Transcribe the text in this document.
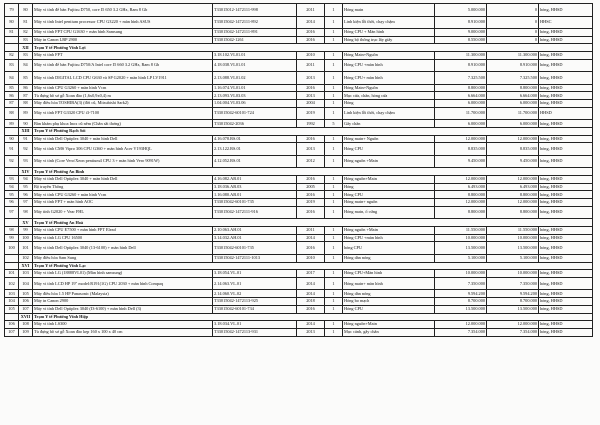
79	80	Máy vi tính để bàn Fujitsu D750, core I5 650 3.2 GHz, Ram 8 Gb	T33015012-1472111-998	2011	1	Hỏng main	5.000.000	0	hỏng, HHSD
80	81	Máy vi tính Intel pentium processor CPU G3220 + màn hình ASUS	T33015042-1472111-892	2014	1	Linh kiện lỗi thời, chạy chậm	8.910.000	0	HHSC
81	82	Máy vi tính FPT CPU G1630 + màn hình Samsung	T33015042-1472111-891	2016	1	Hỏng CPU + Màn hình	9.000.000	0	hỏng, HHSD
	83	Máy in Canon LBP 2900	T33015042-1261	2016	1	Hỏng bộ thống trục lấy giấy	8.550.000	0	hỏng, HHSD
	XII	Trạm Y tế Phường Vĩnh Lợi							
82	83	Máy vi tính FPT	3.18.102.VL01.01	2010	1	Hỏng Main+Nguồn	11.300.000	11.300.000	hỏng, HHSD
83	84	Máy vi tính để bàn Fujitsu D750/A Intel core I5 660 3.2 GHz, Ram 8 Gb	4.18.038.VL01.01	2011	1	Hỏng CPU +màn hình	8.910.000	8.910.000	hỏng, HHSD
84	85	Máy vi tính DIGITAL LCD CPU G630 và SP G2020 + màn hình LP LV1911	2.13.088.VL01.02	2013	1	Hỏng CPU+ màn hình	7.325.500	7.325.500	hỏng, HHSD
85	86	Máy vi tính CPU G3260 + màn hình Vcm	1.16.074.VL01.01	2016	1	Hỏng Main+Nguồn	8.800.000	8.800.000	hỏng, HHSD
86	87	Tủ đựng hồ sơ gỗ Xoan đào (1,6x0,9x0,4) m	2.13.093.VL03.03	2013	1	Mục cửa, chân, hỏng cửa	6.664.000	6.664.000	hỏng, HHSD
87	88	Máy điều hòa TOSHIBA(3) (đời cũ, Mitsubishi Sark2)	1.04.004.VL03.06	2004	1	Hỏng	6.000.000	6.000.000	hỏng, HHSD
88	89	Máy vi tính FPT G3320 CPU i3-7100	T33015042-60101-724	2019	1	Linh kiện lỗi thời, chạy chậm	11.700.000	11.700.000	HHSD
89	90	Bàn khám phụ khoa Inox cũ nêm (Chân sắt thơng)	T33015042-2036	1992	5	Gãy chân	6.000.000	6.000.000	hỏng, HHSD
	XIII	Trạm Y tế Phường Rạch Sỏi							
90	91	Máy vi tính Dell Optiplex 3040 + màn hình Dell	4.16.078.RS.01	2016	1	Hỏng main+ Nguồn	12.000.000	12.000.000	hỏng, HHSD
91	92	Máy vi tính CMS Vipro 306 CPU G360 + màn hình Acer V193HQL	2.13.122.RS.01	2013	1	Hỏng CPU	8.835.000	8.835.000	hỏng, HHSD
92	93	Máy vi tính (Core Vero/Xeon pentium4 CPU 3 + màn hình Vero 9091W)	4.12.052.RS.01	2012	1	Hỏng nguồn +Main	9.450.000	9.450.000	hỏng, HHSD
	XIV	Trạm Y tế Phường An Bình							
93	94	Máy vi tính Dell Optiplex 3040 + màn hình Dell	4.16.082.AB.01	2016	1	Hỏng nguồn+Main	12.000.000	12.000.000	hỏng, HHSD
94	95	Bộ truyền Thông	3.18.036.AB.03	2005	1	Hỏng	6.493.000	6.493.000	hỏng, HHSD
95	96	Máy vi tính CPU G3260 + màn hình Vcm	1.16.080.AB.01	2016	1	Hỏng CPU	8.800.000	8.800.000	hỏng, HHSD
96	97	Máy vi tính FPT + màn hình AOC	T33015042-60101-735	2019	1	Hỏng main+ nguồn	12.000.000	12.000.000	hỏng, HHSD
97	98	Máy tính G2020 + Vear FHL	T33015042-1472111-916	2016	1	Hỏng main, ổ cứng	8.800.000	8.800.000	hỏng, HHSD
	XV	Trạm Y tế Phường An Hoà							
98	99	Máy vi tính CPU E7500 + màn hình FPT Elead	2.10.063.AH.01	2011	1	Hỏng nguồn +Main	11.550.000	11.550.000	hỏng, HHSD
99	100	Máy vi tính LG CPU 16500	3.14.032.AH.01	2014	1	Hỏng CPU +màn hình	10.000.000	10.000.000	hỏng, HHSD
100	101	Máy vi tính Dell Optiplex 3040 (13-6100) + màn hình Dell	T33015042-60101-735	2016	1	hỏng CPU	13.500.000	13.500.000	hỏng, HHSD
	102	Máy điều hòa Sam Sung	T33015042-1472111-1013	2010	1	Hỏng dàn nóng	5.100.000	5.100.000	hỏng, HHSD
	XVI	Trạm Y tế Phường Vĩnh Lạc							
101	103	Máy vi tính LG (18888VL01) (Màn hình samsung)	3.18.054.VL.01	2017	1	Hỏng CPU+Màn hình	10.000.000	10.000.000	hỏng, HHSD
102	104	Máy vi tính LCD HP 19" model:R191(1G) CPU 2030 + màn hình Compaq	2.14.063.VL.01	2014	1	Hỏng main+ màn hình	7.350.000	7.350.000	hỏng, HHSD
103	105	Máy điều hòa 1.5 HP Panasonic (Malaysia)	2.14.060.VL.02	2014	1	Hỏng dàn nóng	9.594.200	9.594.200	hỏng, HHSD
104	106	Máy in Canon 2900	T33015042-1472113-925	2018	1	Hỏng bo mạch	8.700.000	8.700.000	hỏng, HHSD
105	107	Máy vi tính Dell Optiplex 3040 (I3-6100) + màn hình Dell (3)	T33015042-60101-734	2016	1	Hỏng CPU	13.500.000	13.500.000	hỏng, HHSD
	XVII	Trạm Y tế Phường Vĩnh Hiệp							
106	108	Máy vi tính LS300	3.18.034.VL.01	2014	1	Hỏng nguồn+Main	12.000.000	12.000.000	hỏng, HHSD
107	109	Tủ đựng hồ sơ gỗ Xoan đào kẹp 160 x 100 x 40 cm	T33015042-1472113-931	2013	1	Mục cánh, gãy chân	7.354.000	7.354.000	hỏng, HHSD
